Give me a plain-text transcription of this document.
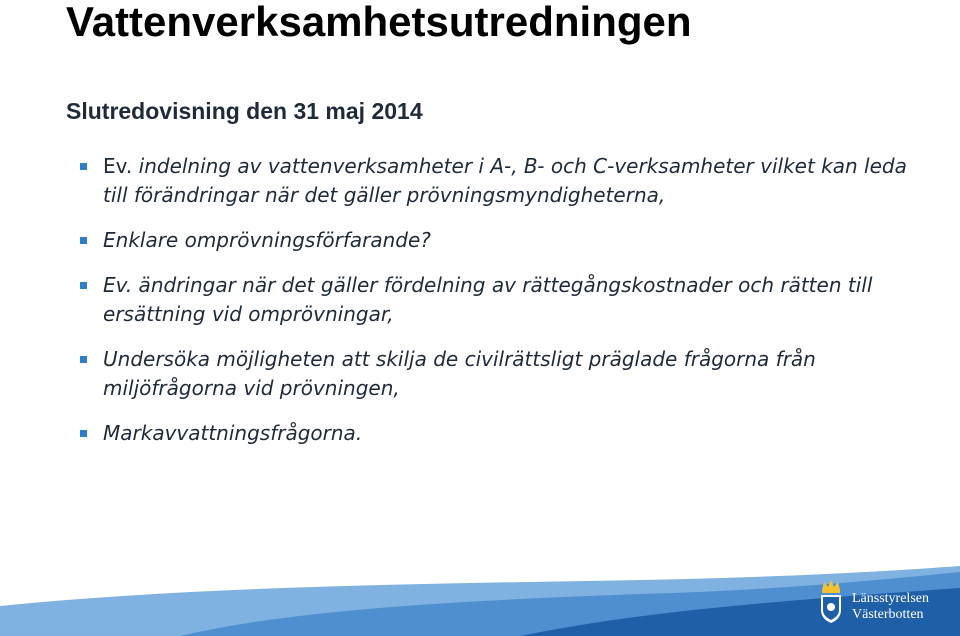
Vattenverksamhetsutredningen
Slutredovisning den 31 maj 2014
Ev. indelning av vattenverksamheter i A-, B- och C-verksamheter vilket kan leda till förändringar när det gäller prövningsmyndigheterna,
Enklare omprövningsförfarande?
Ev. ändringar när det gäller fördelning av rättegångskostnader och rätten till ersättning vid omprövningar,
Undersöka möjligheten att skilja de civilrättsligt präglade frågorna från miljöfrågorna vid prövningen,
Markavvattningsfrågorna.
Länsstyrelsen
Västerbotten
